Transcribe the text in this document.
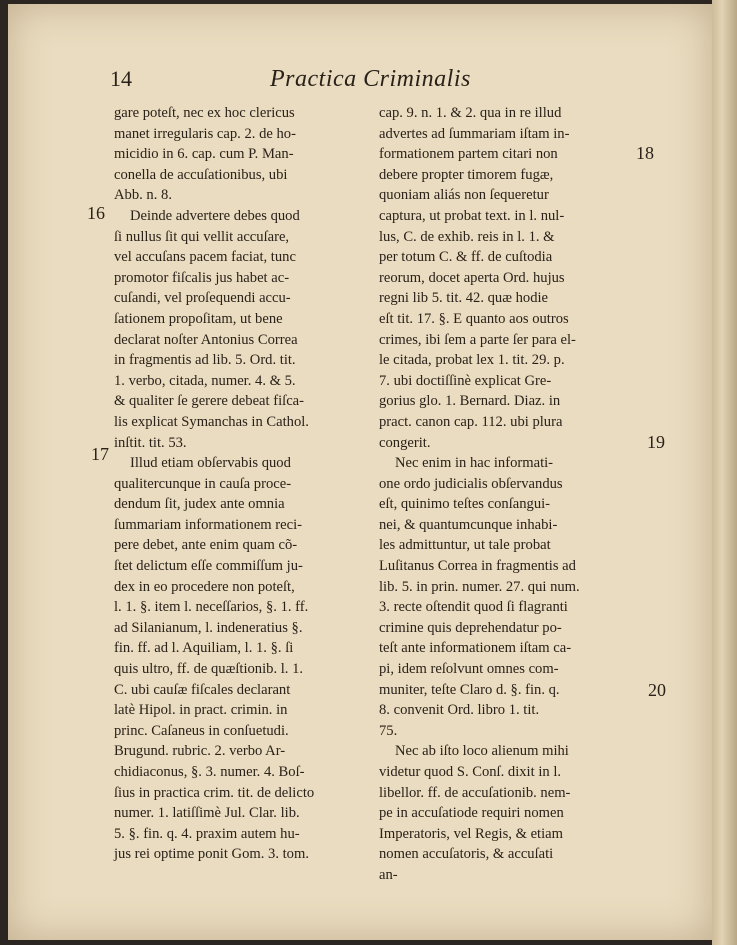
14	Practica Criminalis
16
17
18
19
20
gare poteſt, nec ex hoc clericus
manet irregularis cap. 2. de ho-
micidio in 6. cap. cum P. Man-
conella de accuſationibus, ubi
Abb. n. 8.
Deinde advertere debes quod
ſi nullus ſit qui vellit accuſare,
vel accuſans pacem faciat, tunc
promotor fiſcalis jus habet ac-
cuſandi, vel proſequendi accu-
ſationem propoſitam, ut bene
declarat noſter Antonius Correa
in fragmentis ad lib. 5. Ord. tit.
1. verbo, citada, numer. 4. & 5.
& qualiter ſe gerere debeat fiſca-
lis explicat Symanchas in Cathol.
inſtit. tit. 53.
Illud etiam obſervabis quod
qualitercunque in cauſa proce-
dendum ſit, judex ante omnia
ſummariam informationem reci-
pere debet, ante enim quam cõ-
ſtet delictum eſſe commiſſum ju-
dex in eo procedere non poteſt,
l. 1. §. item l. neceſſarios, §. 1. ff.
ad Silanianum, l. indeneratius §.
fin. ff. ad l. Aquiliam, l. 1. §. ſi
quis ultro, ff. de quæſtionib. l. 1.
C. ubi cauſæ fiſcales declarant
latè Hipol. in pract. crimin. in
princ. Caſaneus in conſuetudi.
Brugund. rubric. 2. verbo Ar-
chidiaconus, §. 3. numer. 4. Boſ-
ſius in practica crim. tit. de delicto
numer. 1. latiſſimè Jul. Clar. lib.
5. §. fin. q. 4. praxim autem hu-
jus rei optime ponit Gom. 3. tom.
cap. 9. n. 1. & 2. qua in re illud
advertes ad ſummariam iſtam in-
formationem partem citari non
debere propter timorem fugæ,
quoniam aliás non ſequeretur
captura, ut probat text. in l. nul-
lus, C. de exhib. reis in l. 1. &
per totum C. & ff. de cuſtodia
reorum, docet aperta Ord. hujus
regni lib 5. tit. 42. quæ hodie
eſt tit. 17. §. E quanto aos outros
crimes, ibi ſem a parte ſer para el-
le citada, probat lex 1. tit. 29. p.
7. ubi doctiſſinè explicat Gre-
gorius glo. 1. Bernard. Diaz. in
pract. canon cap. 112. ubi plura
congerit.
Nec enim in hac informati-
one ordo judicialis obſervandus
eſt, quinimo teſtes conſangui-
nei, & quantumcunque inhabi-
les admittuntur, ut tale probat
Luſitanus Correa in fragmentis ad
lib. 5. in prin. numer. 27. qui num.
3. recte oſtendit quod ſi flagranti
crimine quis deprehendatur po-
teſt ante informationem iſtam ca-
pi, idem reſolvunt omnes com-
muniter, teſte Claro d. §. fin. q.
8. convenit Ord. libro 1. tit.
75.
Nec ab iſto loco alienum mihi
videtur quod S. Conſ. dixit in l.
libellor. ff. de accuſationib. nem-
pe in accuſatiode requiri nomen
Imperatoris, vel Regis, & etiam
nomen accuſatoris, & accuſati
an-
